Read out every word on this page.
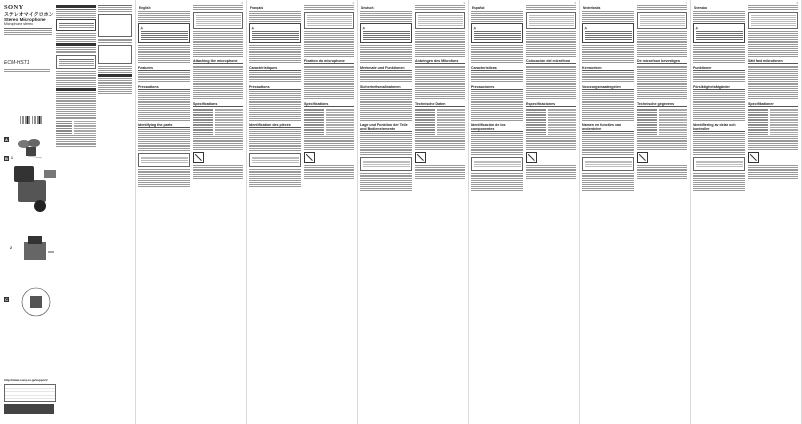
SONY
ステレオマイクロホン
Stereo Microphone
Microphone stéréo
ECM-HST1
A
B 1
2
C
http://www.sony.co.jp/support/
3
English
⚠
Features
Precautions
Identifying the parts
Attaching the microphone
Specifications
4
Français
⚠
Caractéristiques
Précautions
Identification des pièces
Fixation du microphone
Spécifications
5
Deutsch
⚠
Merkmale und Funktionen
Sicherheitsmaßnahmen
Lage und Funktion der Teile und Bedienelemente
Anbringen des Mikrofons
Technische Daten
6
Español
⚠
Características
Precauciones
Identificación de los componentes
Colocación del micrófono
Especificaciones
7
Nederlands
⚠
Kenmerken
Voorzorgsmaatregelen
Namen en functies van onderdelen
De microfoon bevestigen
Technische gegevens
8
Svenska
⚠
Funktioner
Försiktighetsåtgärder
Identifiering av delar och kontroller
Sätt fast mikrofonen
Specifikationer
